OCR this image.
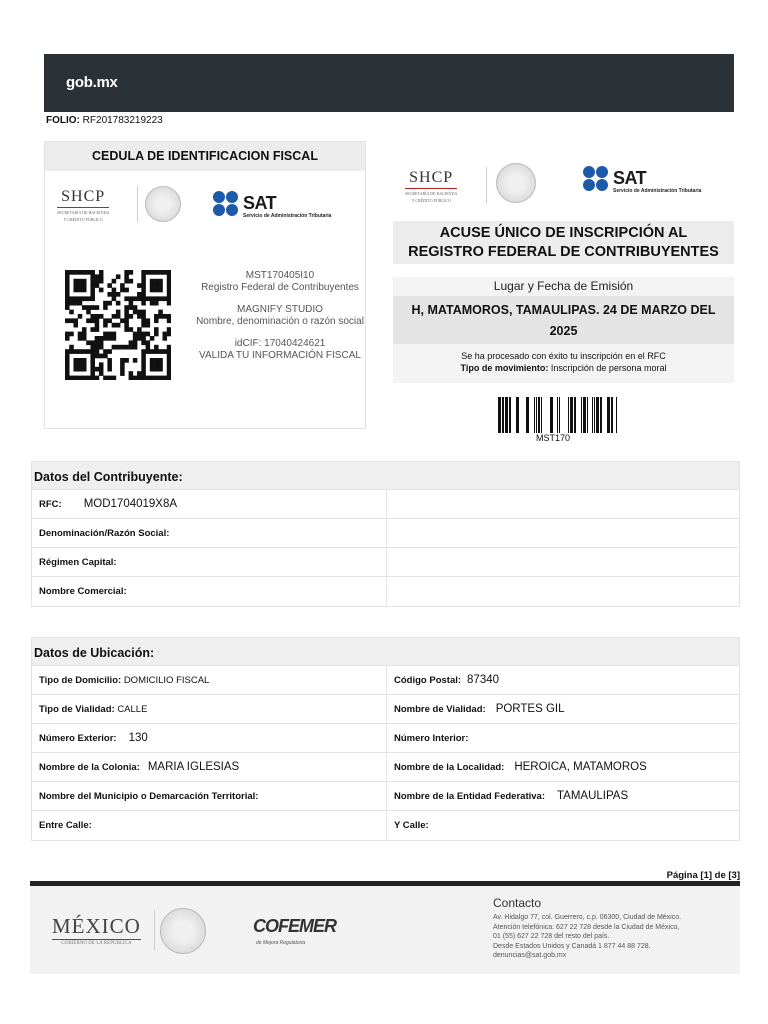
gob.mx
FOLIO: RF201783219223
CEDULA DE IDENTIFICACION FISCAL
SHCP
SECRETARÍA DE HACIENDA
Y CRÉDITO PÚBLICO
SAT
Servicio de Administración Tributaria
MST170405I10
Registro Federal de Contribuyentes
MAGNIFY STUDIO
Nombre, denominación o razón social
idCIF: 17040424621
VALIDA TU INFORMACIÓN FISCAL
SHCP
SECRETARÍA DE HACIENDA
Y CRÉDITO PÚBLICO
SAT
Servicio de Administración Tributaria
ACUSE ÚNICO DE INSCRIPCIÓN AL
REGISTRO FEDERAL DE CONTRIBUYENTES
Lugar y Fecha de Emisión
H, MATAMOROS, TAMAULIPAS. 24 DE MARZO DEL
2025
Se ha procesado con éxito tu inscripción en el RFC
Tipo de movimiento: Inscripción de persona moral
MST170
Datos del Contribuyente:
RFC: MOD1704019X8A
Denominación/Razón Social:
Régimen Capital:
Nombre Comercial:
Datos de Ubicación:
Tipo de Domicilio: DOMICILIO FISCAL	Código Postal: 87340
Tipo de Vialidad: CALLE	Nombre de Vialidad: PORTES GIL
Número Exterior: 130	Número Interior:
Nombre de la Colonia: MARIA IGLESIAS	Nombre de la Localidad: HEROICA, MATAMOROS
Nombre del Municipio o Demarcación Territorial:	Nombre de la Entidad Federativa: TAMAULIPAS
Entre Calle:	Y Calle:
Página [1] de [3]
MÉXICO
GOBIERNO DE LA REPÚBLICA
COFEMER
de Mejora Regulatoria
Contacto
Av. Hidalgo 77, col. Guerrero, c.p. 06300, Ciudad de México.
Atención telefónica: 627 22 728 desde la Ciudad de México,
01 (55) 627 22 728 del resto del país.
Desde Estados Unidos y Canadá 1 877 44 88 728.
denuncias@sat.gob.mx
